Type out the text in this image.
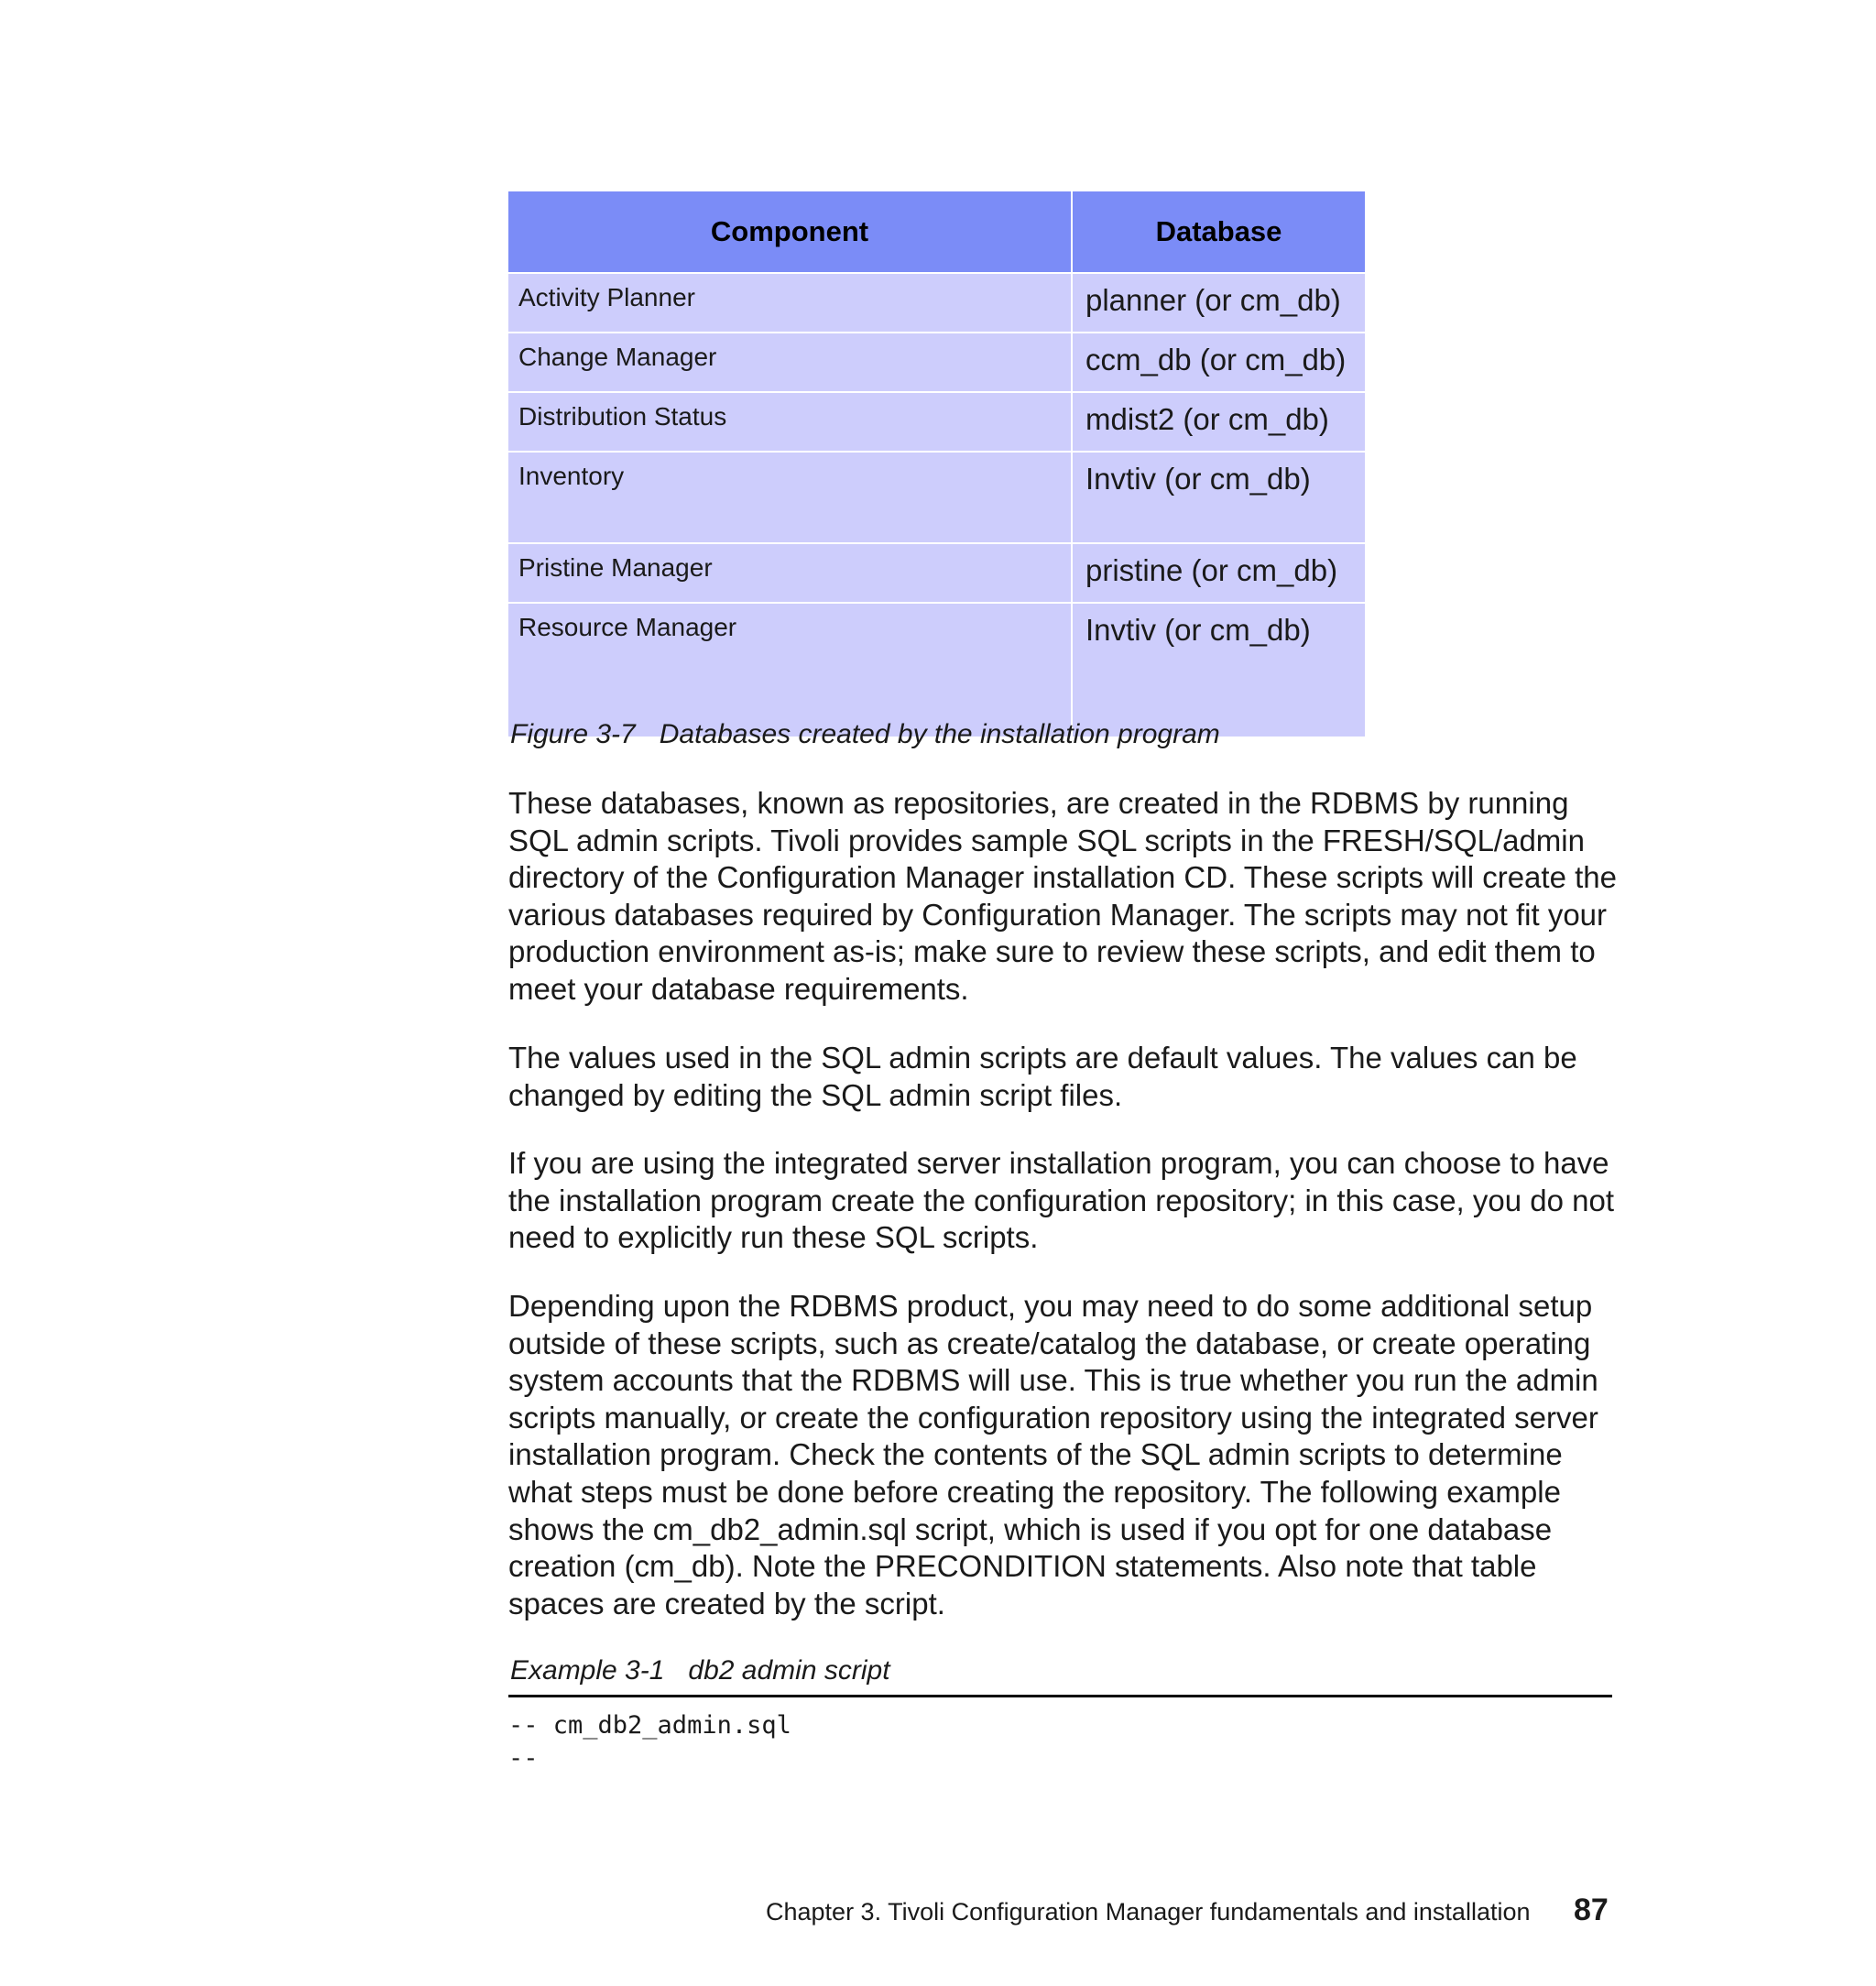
Component	Database
Activity Planner	planner (or cm_db)
Change Manager	ccm_db (or cm_db)
Distribution Status	mdist2 (or cm_db)
Inventory	Invtiv (or cm_db)
Pristine Manager	pristine (or cm_db)
Resource Manager	Invtiv (or cm_db)
Figure 3-7 Databases created by the installation program

These databases, known as repositories, are created in the RDBMS by running SQL admin scripts. Tivoli provides sample SQL scripts in the FRESH/SQL/admin directory of the Configuration Manager installation CD. These scripts will create the various databases required by Configuration Manager. The scripts may not fit your production environment as-is; make sure to review these scripts, and edit them to meet your database requirements.

The values used in the SQL admin scripts are default values. The values can be changed by editing the SQL admin script files.

If you are using the integrated server installation program, you can choose to have the installation program create the configuration repository; in this case, you do not need to explicitly run these SQL scripts.

Depending upon the RDBMS product, you may need to do some additional setup outside of these scripts, such as create/catalog the database, or create operating system accounts that the RDBMS will use. This is true whether you run the admin scripts manually, or create the configuration repository using the integrated server installation program. Check the contents of the SQL admin scripts to determine what steps must be done before creating the repository. The following example shows the cm_db2_admin.sql script, which is used if you opt for one database creation (cm_db). Note the PRECONDITION statements. Also note that table spaces are created by the script.

Example 3-1 db2 admin script
-- cm_db2_admin.sql
--
Chapter 3. Tivoli Configuration Manager fundamentals and installation 87
